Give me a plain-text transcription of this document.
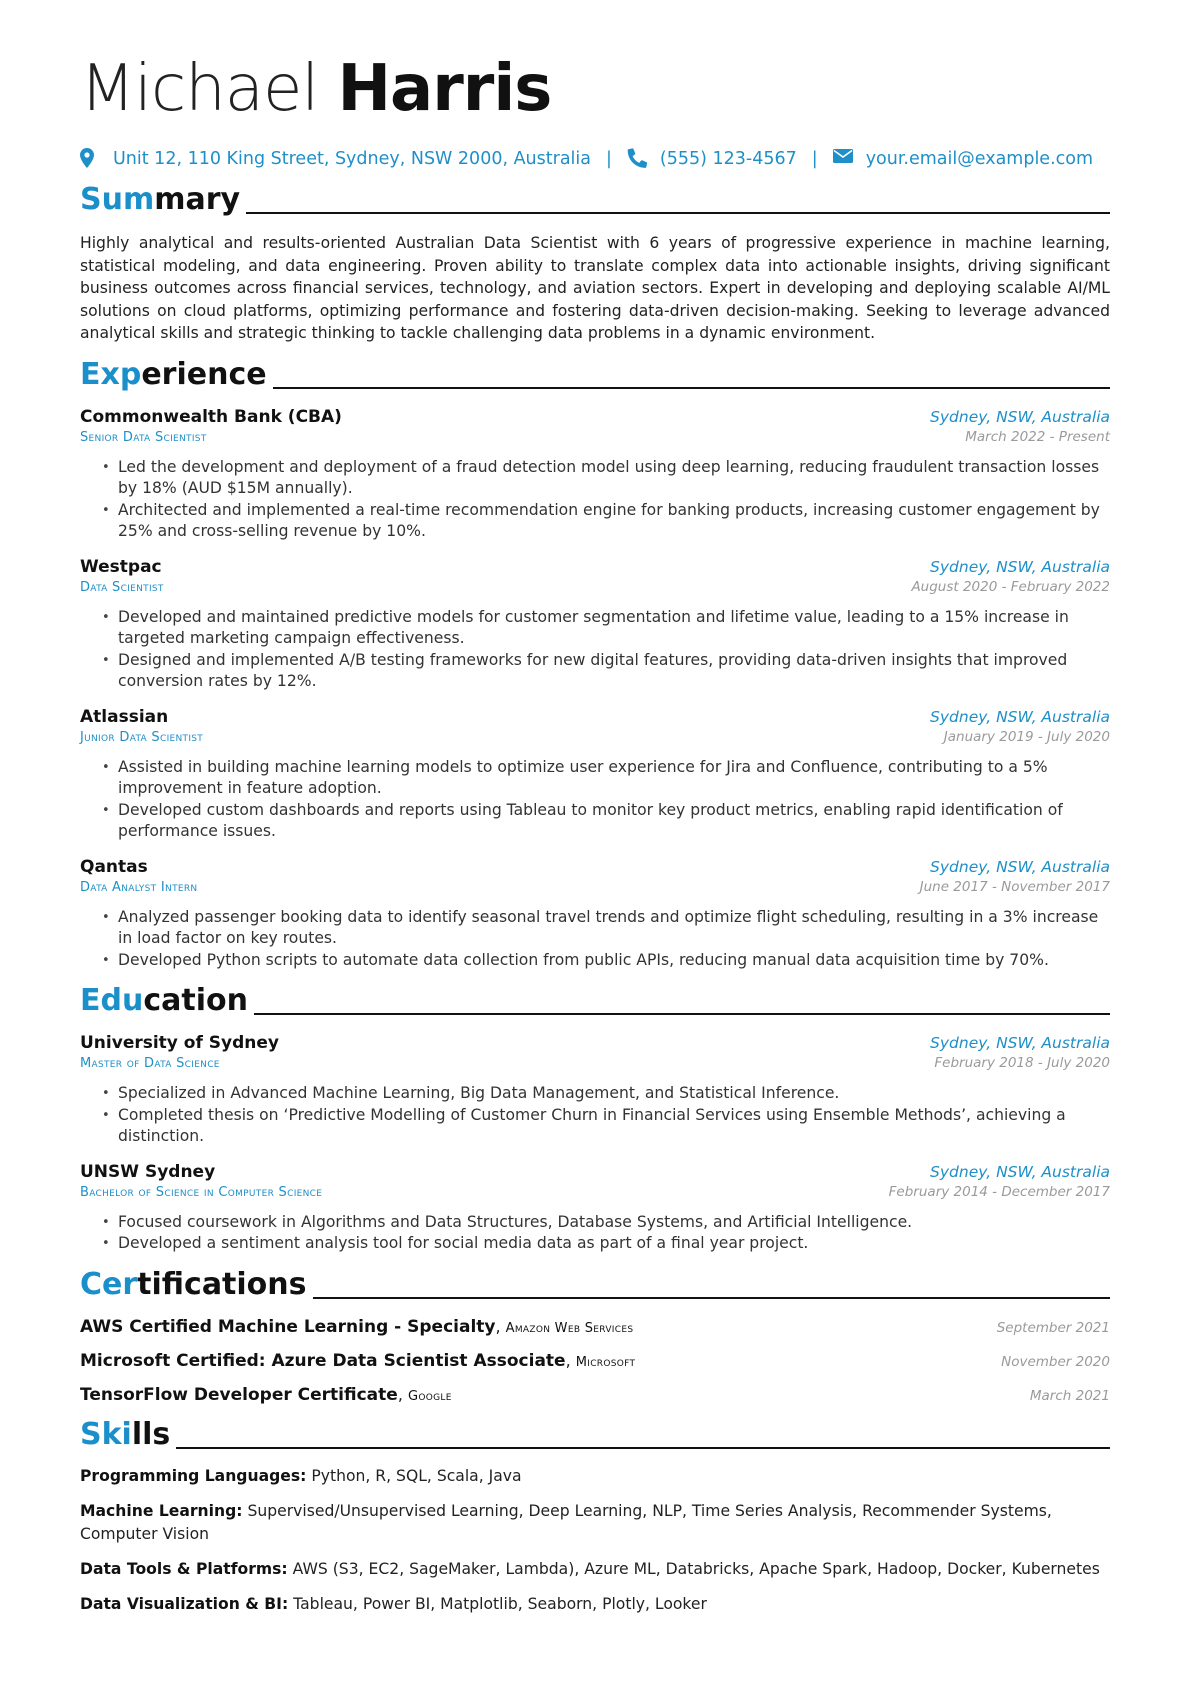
Michael Harris
Unit 12, 110 King Street, Sydney, NSW 2000, Australia |	(555) 123-4567 |	your.email@example.com
Summary
Highly analytical and results-oriented Australian Data Scientist with 6 years of progressive experience in machine learning, statistical modeling, and data engineering. Proven ability to translate complex data into actionable insights, driving significant business outcomes across financial services, technology, and aviation sectors. Expert in developing and deploying scalable AI/ML solutions on cloud platforms, optimizing performance and fostering data-driven decision-making. Seeking to leverage advanced analytical skills and strategic thinking to tackle challenging data problems in a dynamic environment.
Experience
Commonwealth Bank (CBA)	Sydney, NSW, Australia
Senior Data Scientist	March 2022 - Present
• Led the development and deployment of a fraud detection model using deep learning, reducing fraudulent transaction losses by 18% (AUD $15M annually).
• Architected and implemented a real-time recommendation engine for banking products, increasing customer engagement by 25% and cross-selling revenue by 10%.
Westpac	Sydney, NSW, Australia
Data Scientist	August 2020 - February 2022
• Developed and maintained predictive models for customer segmentation and lifetime value, leading to a 15% increase in targeted marketing campaign effectiveness.
• Designed and implemented A/B testing frameworks for new digital features, providing data-driven insights that improved conversion rates by 12%.
Atlassian	Sydney, NSW, Australia
Junior Data Scientist	January 2019 - July 2020
• Assisted in building machine learning models to optimize user experience for Jira and Confluence, contributing to a 5% improvement in feature adoption.
• Developed custom dashboards and reports using Tableau to monitor key product metrics, enabling rapid identification of performance issues.
Qantas	Sydney, NSW, Australia
Data Analyst Intern	June 2017 - November 2017
• Analyzed passenger booking data to identify seasonal travel trends and optimize flight scheduling, resulting in a 3% increase in load factor on key routes.
• Developed Python scripts to automate data collection from public APIs, reducing manual data acquisition time by 70%.
Education
University of Sydney	Sydney, NSW, Australia
Master of Data Science	February 2018 - July 2020
• Specialized in Advanced Machine Learning, Big Data Management, and Statistical Inference.
• Completed thesis on ‘Predictive Modelling of Customer Churn in Financial Services using Ensemble Methods’, achieving a distinction.
UNSW Sydney	Sydney, NSW, Australia
Bachelor of Science in Computer Science	February 2014 - December 2017
• Focused coursework in Algorithms and Data Structures, Database Systems, and Artificial Intelligence.
• Developed a sentiment analysis tool for social media data as part of a final year project.
Certifications
AWS Certified Machine Learning - Specialty, Amazon Web Services	September 2021
Microsoft Certified: Azure Data Scientist Associate, Microsoft	November 2020
TensorFlow Developer Certificate, Google	March 2021
Skills
Programming Languages: Python, R, SQL, Scala, Java
Machine Learning: Supervised/Unsupervised Learning, Deep Learning, NLP, Time Series Analysis, Recommender Systems, Computer Vision
Data Tools & Platforms: AWS (S3, EC2, SageMaker, Lambda), Azure ML, Databricks, Apache Spark, Hadoop, Docker, Kubernetes
Data Visualization & BI: Tableau, Power BI, Matplotlib, Seaborn, Plotly, Looker
